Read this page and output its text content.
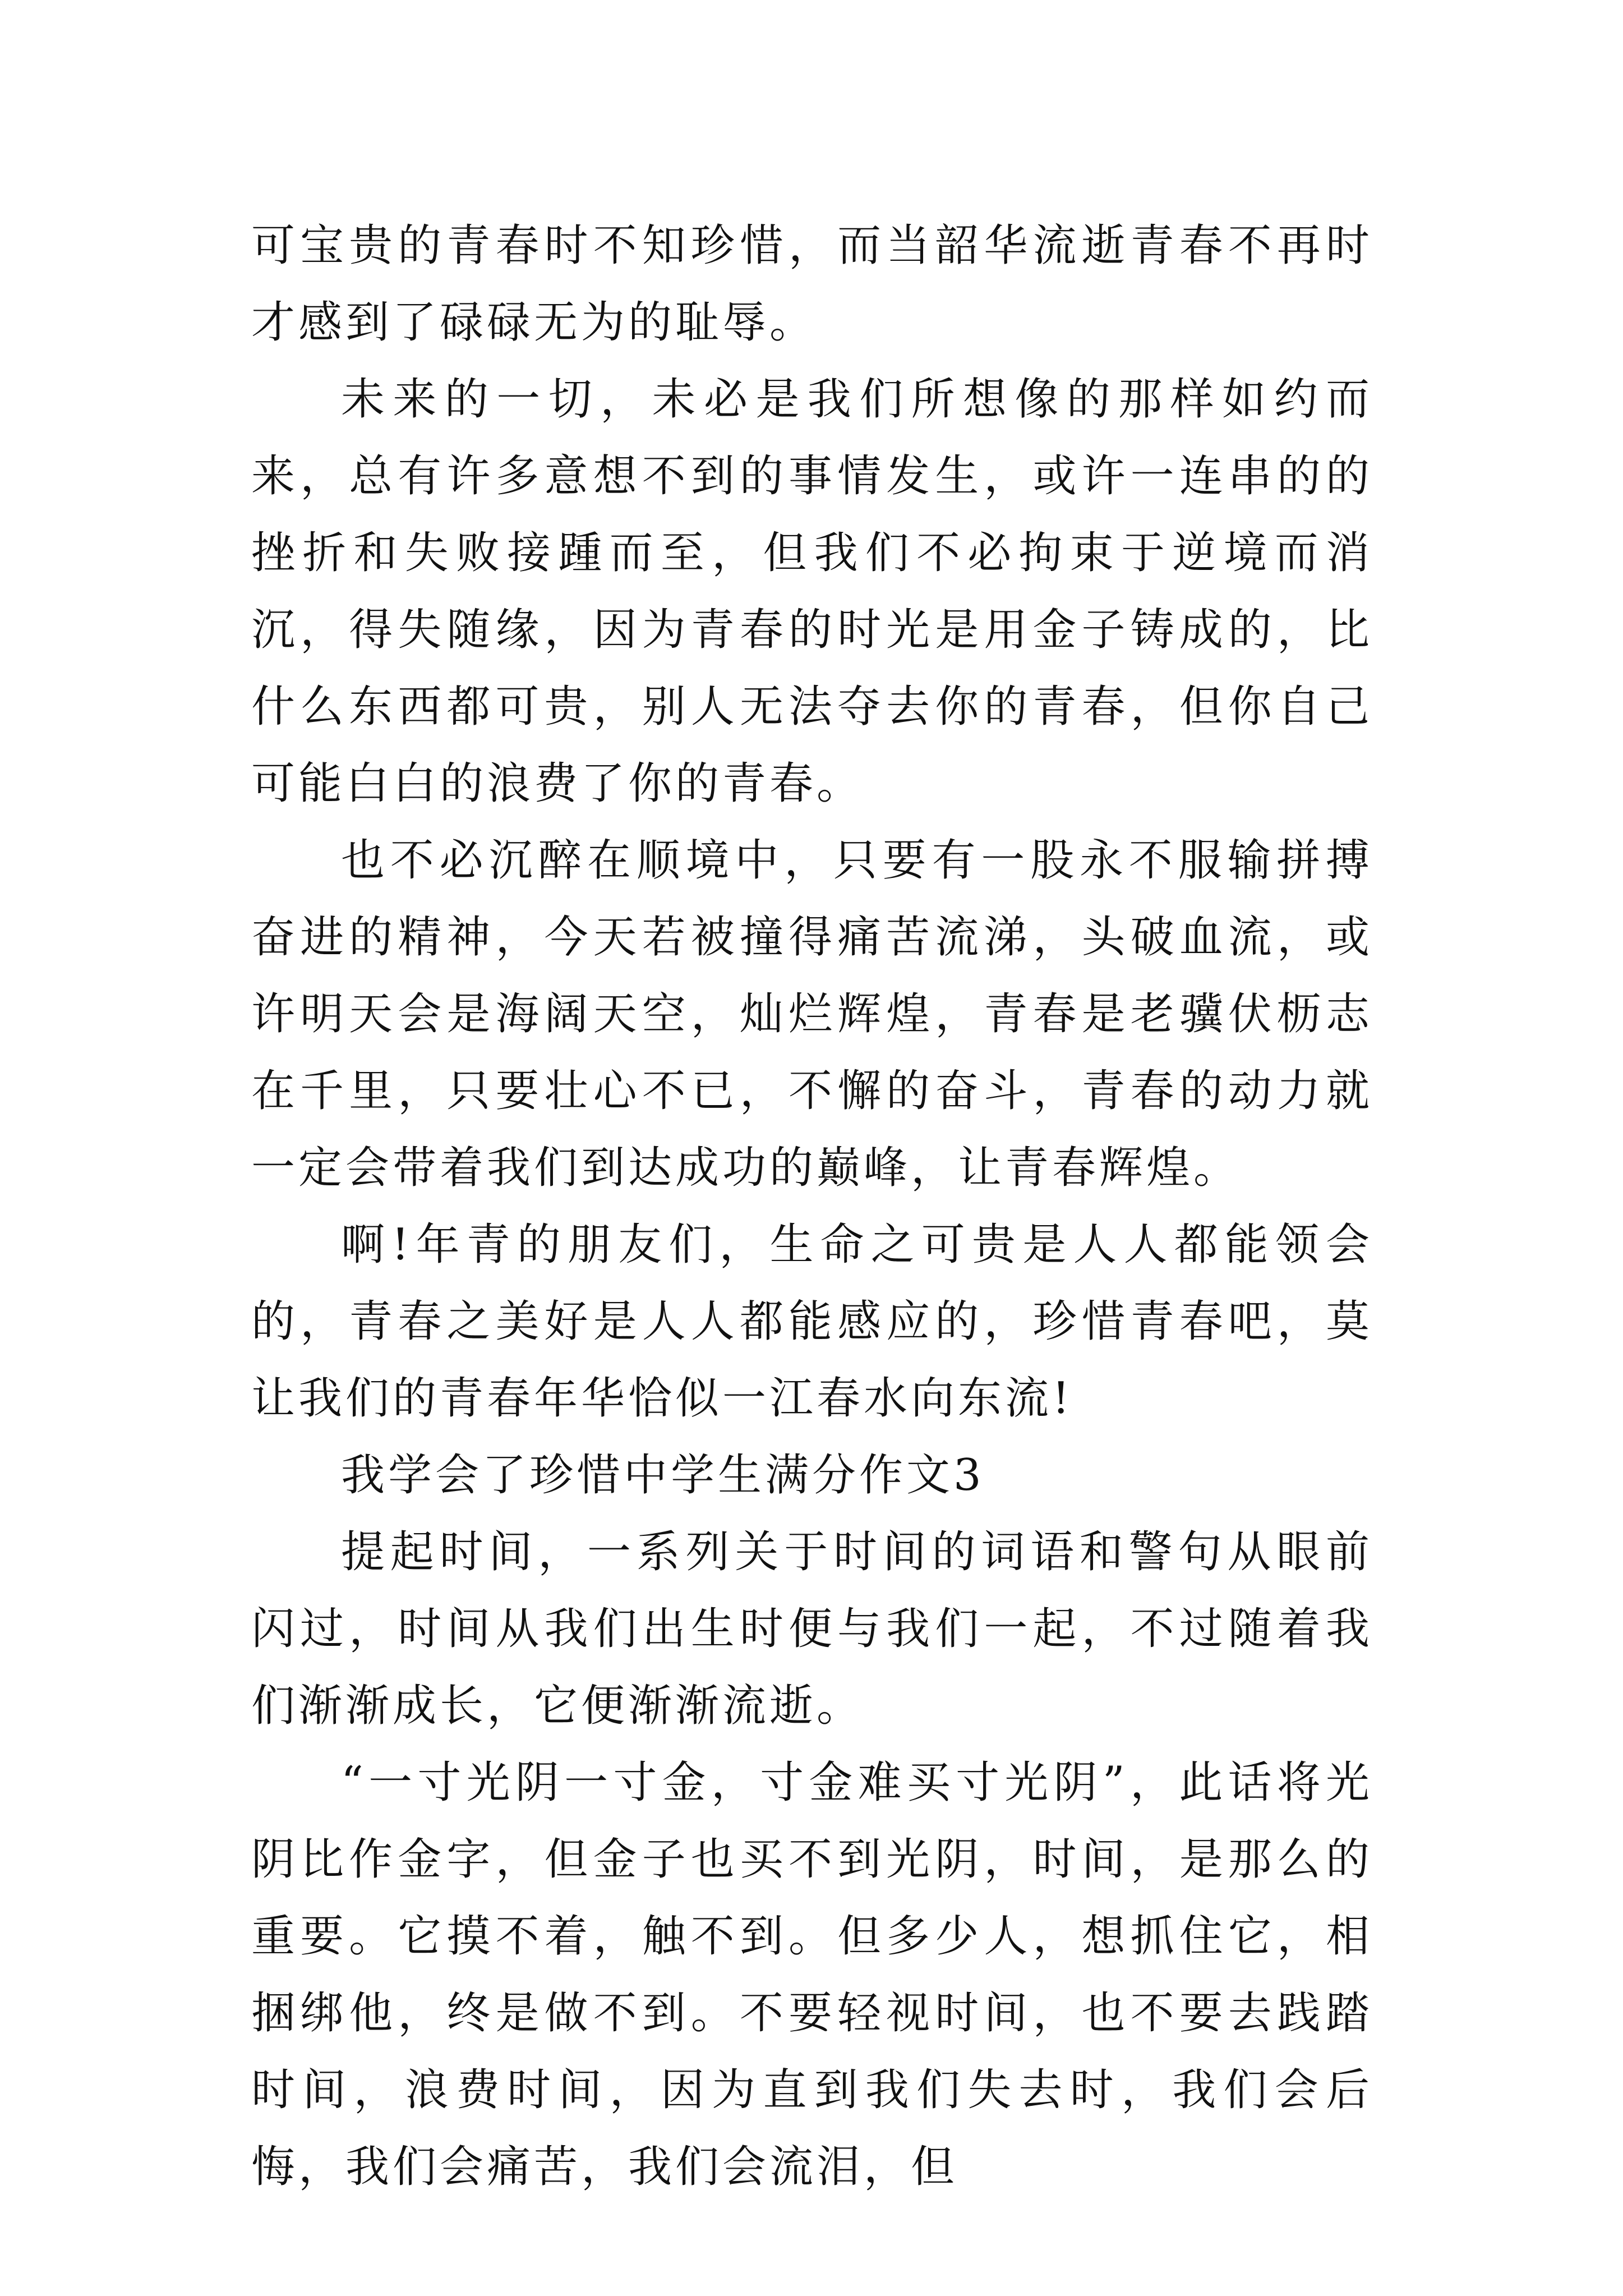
可宝贵的青春时不知珍惜，而当韶华流逝青春不再时才感到了碌碌无为的耻辱。

未来的一切，未必是我们所想像的那样如约而来，总有许多意想不到的事情发生，或许一连串的的挫折和失败接踵而至，但我们不必拘束于逆境而消沉，得失随缘，因为青春的时光是用金子铸成的，比什么东西都可贵，别人无法夺去你的青春，但你自己可能白白的浪费了你的青春。

也不必沉醉在顺境中，只要有一股永不服输拼搏奋进的精神，今天若被撞得痛苦流涕，头破血流，或许明天会是海阔天空，灿烂辉煌，青春是老骥伏枥志在千里，只要壮心不已，不懈的奋斗，青春的动力就一定会带着我们到达成功的巅峰，让青春辉煌。

啊!年青的朋友们，生命之可贵是人人都能领会的，青春之美好是人人都能感应的，珍惜青春吧，莫让我们的青春年华恰似一江春水向东流!

我学会了珍惜中学生满分作文3

提起时间，一系列关于时间的词语和警句从眼前闪过，时间从我们出生时便与我们一起，不过随着我们渐渐成长，它便渐渐流逝。

“一寸光阴一寸金，寸金难买寸光阴”，此话将光阴比作金字，但金子也买不到光阴，时间，是那么的重要。它摸不着，触不到。但多少人，想抓住它，相捆绑他，终是做不到。不要轻视时间，也不要去践踏时间，浪费时间，因为直到我们失去时，我们会后悔，我们会痛苦，我们会流泪，但
